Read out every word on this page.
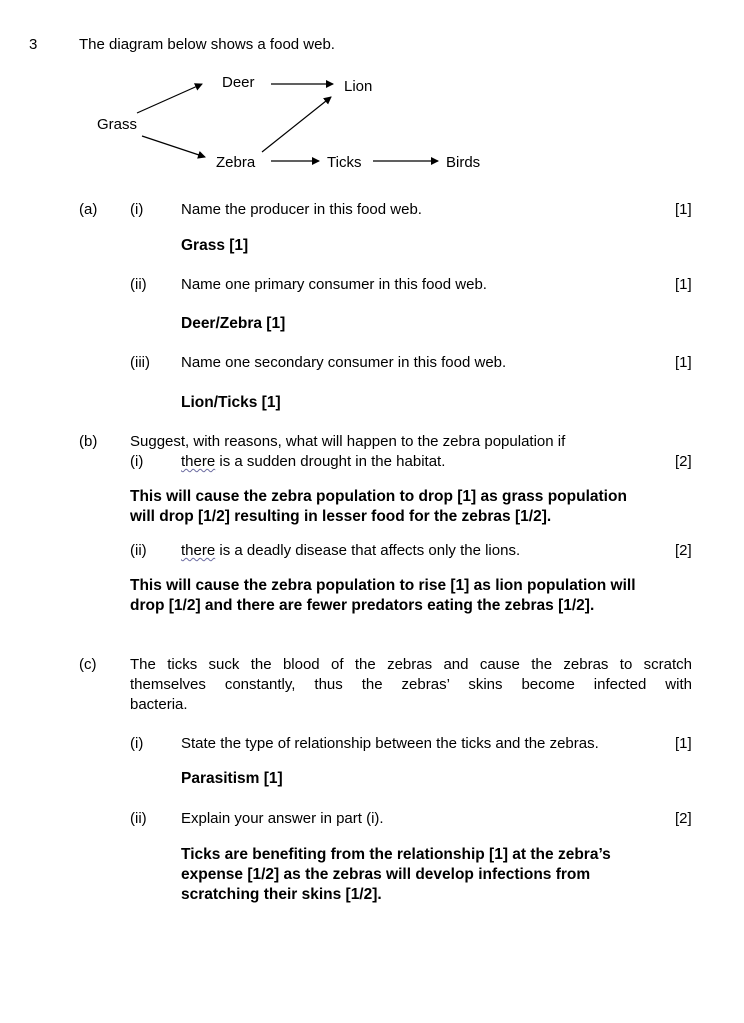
3	The diagram below shows a food web.
Deer	Lion
Grass
Zebra	Ticks	Birds
(a) (i)	Name the producer in this food web.	[1]
Grass [1]
(ii) Name one primary consumer in this food web.	[1]
Deer/Zebra [1]
(iii) Name one secondary consumer in this food web.	[1]
Lion/Ticks [1]
(b) Suggest, with reasons, what will happen to the zebra population if
(i)	there is a sudden drought in the habitat.	[2]
This will cause the zebra population to drop [1] as grass population
will drop [1/2] resulting in lesser food for the zebras [1/2].
(ii) there is a deadly disease that affects only the lions.	[2]
This will cause the zebra population to rise [1] as lion population will
drop [1/2] and there are fewer predators eating the zebras [1/2].
(c) The ticks suck the blood of the zebras and cause the zebras to scratch
themselves constantly, thus the zebras’ skins become infected with
bacteria.
(i)	State the type of relationship between the ticks and the zebras.	[1]
Parasitism [1]
(ii) Explain your answer in part (i).	[2]
Ticks are benefiting from the relationship [1] at the zebra’s
expense [1/2] as the zebras will develop infections from
scratching their skins [1/2].
